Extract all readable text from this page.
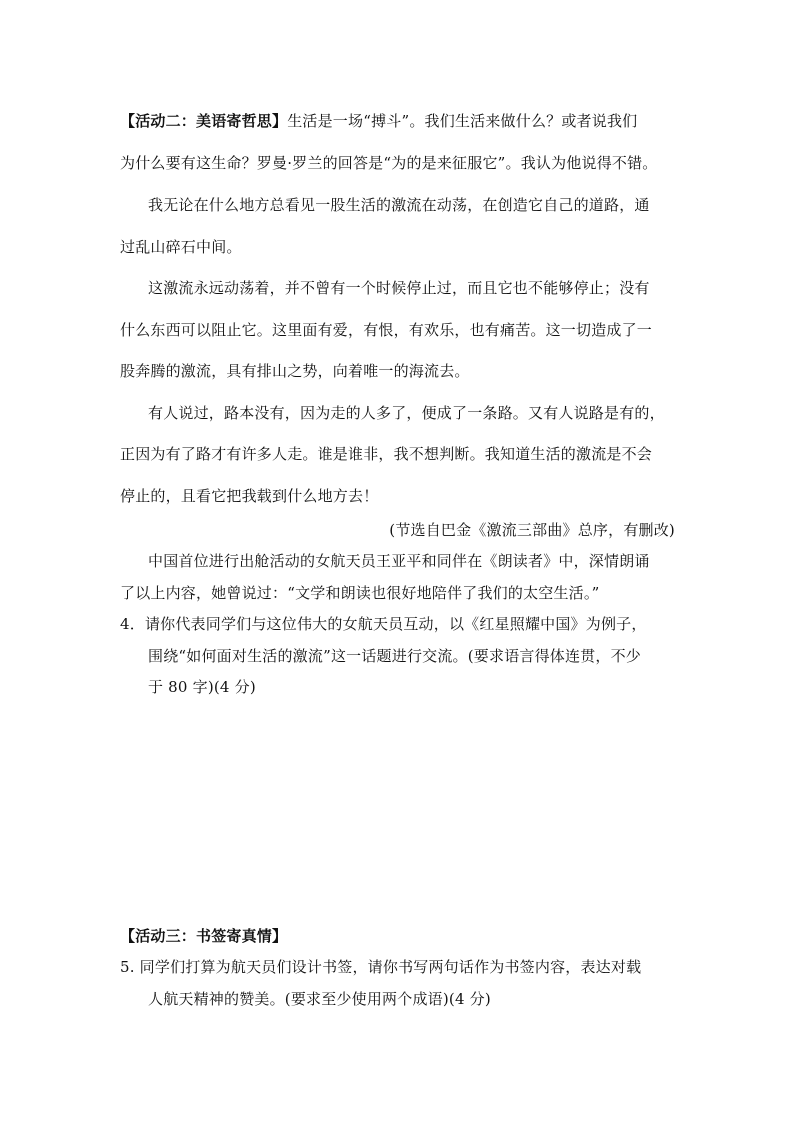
【活动二：美语寄哲思】生活是一场“搏斗”。我们生活来做什么？或者说我们
为什么要有这生命？罗曼·罗兰的回答是“为的是来征服它”。我认为他说得不错。
我无论在什么地方总看见一股生活的激流在动荡，在创造它自己的道路，通
过乱山碎石中间。
这激流永远动荡着，并不曾有一个时候停止过，而且它也不能够停止；没有
什么东西可以阻止它。这里面有爱，有恨，有欢乐，也有痛苦。这一切造成了一
股奔腾的激流，具有排山之势，向着唯一的海流去。
有人说过，路本没有，因为走的人多了，便成了一条路。又有人说路是有的，
正因为有了路才有许多人走。谁是谁非，我不想判断。我知道生活的激流是不会
停止的，且看它把我载到什么地方去！
(节选自巴金《激流三部曲》总序，有删改)
中国首位进行出舱活动的女航天员王亚平和同伴在《朗读者》中，深情朗诵
了以上内容，她曾说过：“文学和朗读也很好地陪伴了我们的太空生活。”
4．请你代表同学们与这位伟大的女航天员互动，以《红星照耀中国》为例子，
围绕“如何面对生活的激流”这一话题进行交流。(要求语言得体连贯，不少
于 80 字)(4 分)
【活动三：书签寄真情】
5. 同学们打算为航天员们设计书签，请你书写两句话作为书签内容，表达对载
人航天精神的赞美。(要求至少使用两个成语)(4 分)
